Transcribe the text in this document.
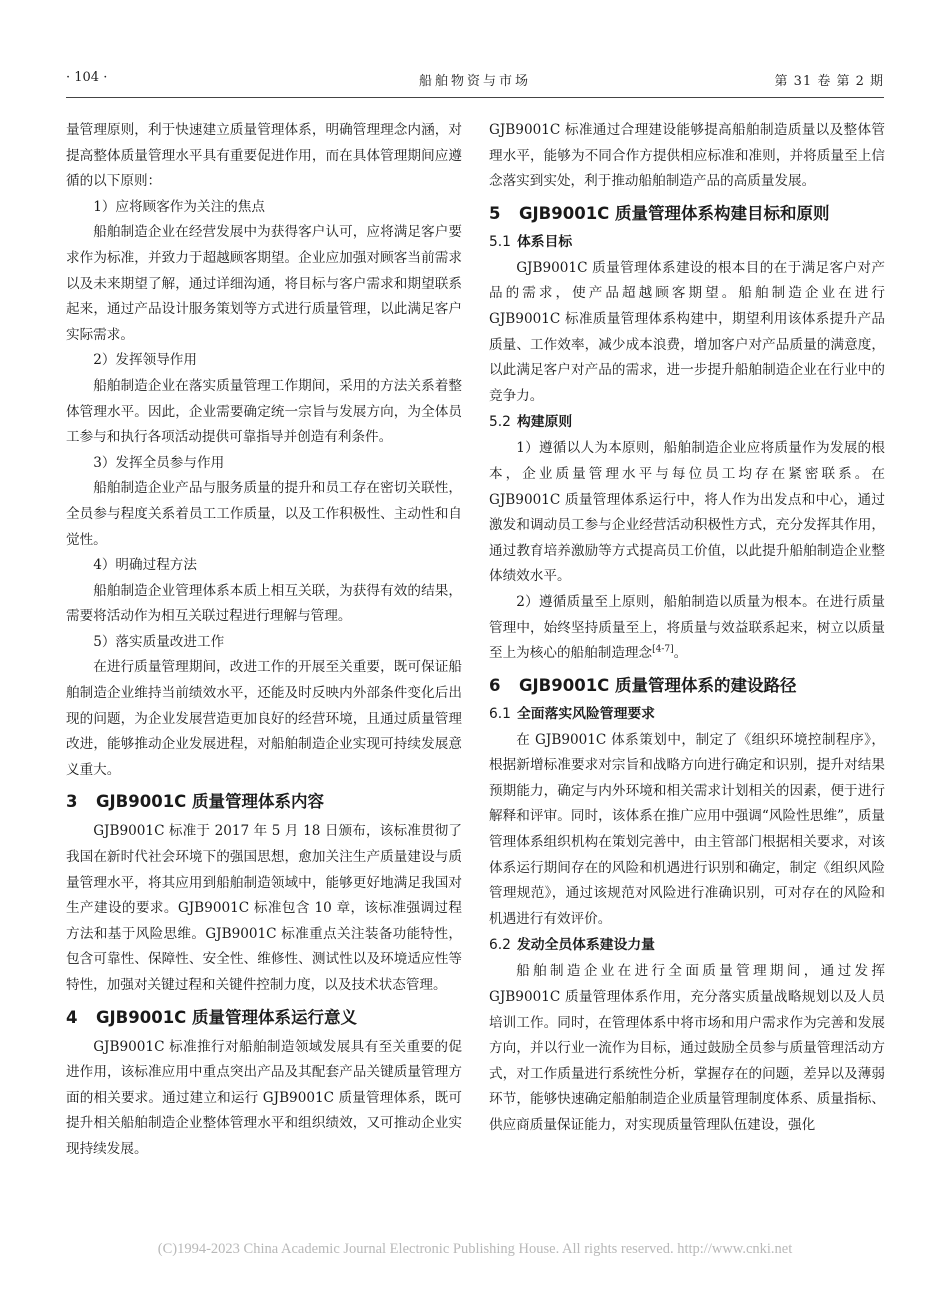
· 104 ·	船舶物资与市场	第 31 卷 第 2 期

量管理原则，利于快速建立质量管理体系，明确管理理念内涵，对提高整体质量管理水平具有重要促进作用，而在具体管理期间应遵循的以下原则：

1）应将顾客作为关注的焦点

船舶制造企业在经营发展中为获得客户认可，应将满足客户要求作为标准，并致力于超越顾客期望。企业应加强对顾客当前需求以及未来期望了解，通过详细沟通，将目标与客户需求和期望联系起来，通过产品设计服务策划等方式进行质量管理，以此满足客户实际需求。

2）发挥领导作用

船舶制造企业在落实质量管理工作期间，采用的方法关系着整体管理水平。因此，企业需要确定统一宗旨与发展方向，为全体员工参与和执行各项活动提供可靠指导并创造有利条件。

3）发挥全员参与作用

船舶制造企业产品与服务质量的提升和员工存在密切关联性，全员参与程度关系着员工工作质量，以及工作积极性、主动性和自觉性。

4）明确过程方法

船舶制造企业管理体系本质上相互关联，为获得有效的结果，需要将活动作为相互关联过程进行理解与管理。

5）落实质量改进工作

在进行质量管理期间，改进工作的开展至关重要，既可保证船舶制造企业维持当前绩效水平，还能及时反映内外部条件变化后出现的问题，为企业发展营造更加良好的经营环境，且通过质量管理改进，能够推动企业发展进程，对船舶制造企业实现可持续发展意义重大。

3 GJB9001C 质量管理体系内容

GJB9001C 标准于 2017 年 5 月 18 日颁布，该标准贯彻了我国在新时代社会环境下的强国思想，愈加关注生产质量建设与质量管理水平，将其应用到船舶制造领域中，能够更好地满足我国对生产建设的要求。GJB9001C 标准包含 10 章，该标准强调过程方法和基于风险思维。GJB9001C 标准重点关注装备功能特性，包含可靠性、保障性、安全性、维修性、测试性以及环境适应性等特性，加强对关键过程和关键件控制力度，以及技术状态管理。

4 GJB9001C 质量管理体系运行意义

GJB9001C 标准推行对船舶制造领域发展具有至关重要的促进作用，该标准应用中重点突出产品及其配套产品关键质量管理方面的相关要求。通过建立和运行 GJB9001C 质量管理体系，既可提升相关船舶制造企业整体管理水平和组织绩效，又可推动企业实现持续发展。

GJB9001C 标准通过合理建设能够提高船舶制造质量以及整体管理水平，能够为不同合作方提供相应标准和准则，并将质量至上信念落实到实处，利于推动船舶制造产品的高质量发展。

5 GJB9001C 质量管理体系构建目标和原则
5.1 体系目标

GJB9001C 质量管理体系建设的根本目的在于满足客户对产品的需求，使产品超越顾客期望。船舶制造企业在进行 GJB9001C 标准质量管理体系构建中，期望利用该体系提升产品质量、工作效率，减少成本浪费，增加客户对产品质量的满意度，以此满足客户对产品的需求，进一步提升船舶制造企业在行业中的竞争力。

5.2 构建原则

1）遵循以人为本原则，船舶制造企业应将质量作为发展的根本，企业质量管理水平与每位员工均存在紧密联系。在 GJB9001C 质量管理体系运行中，将人作为出发点和中心，通过激发和调动员工参与企业经营活动积极性方式，充分发挥其作用，通过教育培养激励等方式提高员工价值，以此提升船舶制造企业整体绩效水平。

2）遵循质量至上原则，船舶制造以质量为根本。在进行质量管理中，始终坚持质量至上，将质量与效益联系起来，树立以质量至上为核心的船舶制造理念[4-7]。

6 GJB9001C 质量管理体系的建设路径
6.1 全面落实风险管理要求

在 GJB9001C 体系策划中，制定了《组织环境控制程序》，根据新增标准要求对宗旨和战略方向进行确定和识别，提升对结果预期能力，确定与内外环境和相关需求计划相关的因素，便于进行解释和评审。同时，该体系在推广应用中强调“风险性思维”，质量管理体系组织机构在策划完善中，由主管部门根据相关要求，对该体系运行期间存在的风险和机遇进行识别和确定，制定《组织风险管理规范》，通过该规范对风险进行准确识别，可对存在的风险和机遇进行有效评价。

6.2 发动全员体系建设力量

船舶制造企业在进行全面质量管理期间，通过发挥 GJB9001C 质量管理体系作用，充分落实质量战略规划以及人员培训工作。同时，在管理体系中将市场和用户需求作为完善和发展方向，并以行业一流作为目标，通过鼓励全员参与质量管理活动方式，对工作质量进行系统性分析，掌握存在的问题，差异以及薄弱环节，能够快速确定船舶制造企业质量管理制度体系、质量指标、供应商质量保证能力，对实现质量管理队伍建设，强化

(C)1994-2023 China Academic Journal Electronic Publishing House. All rights reserved. http://www.cnki.net
